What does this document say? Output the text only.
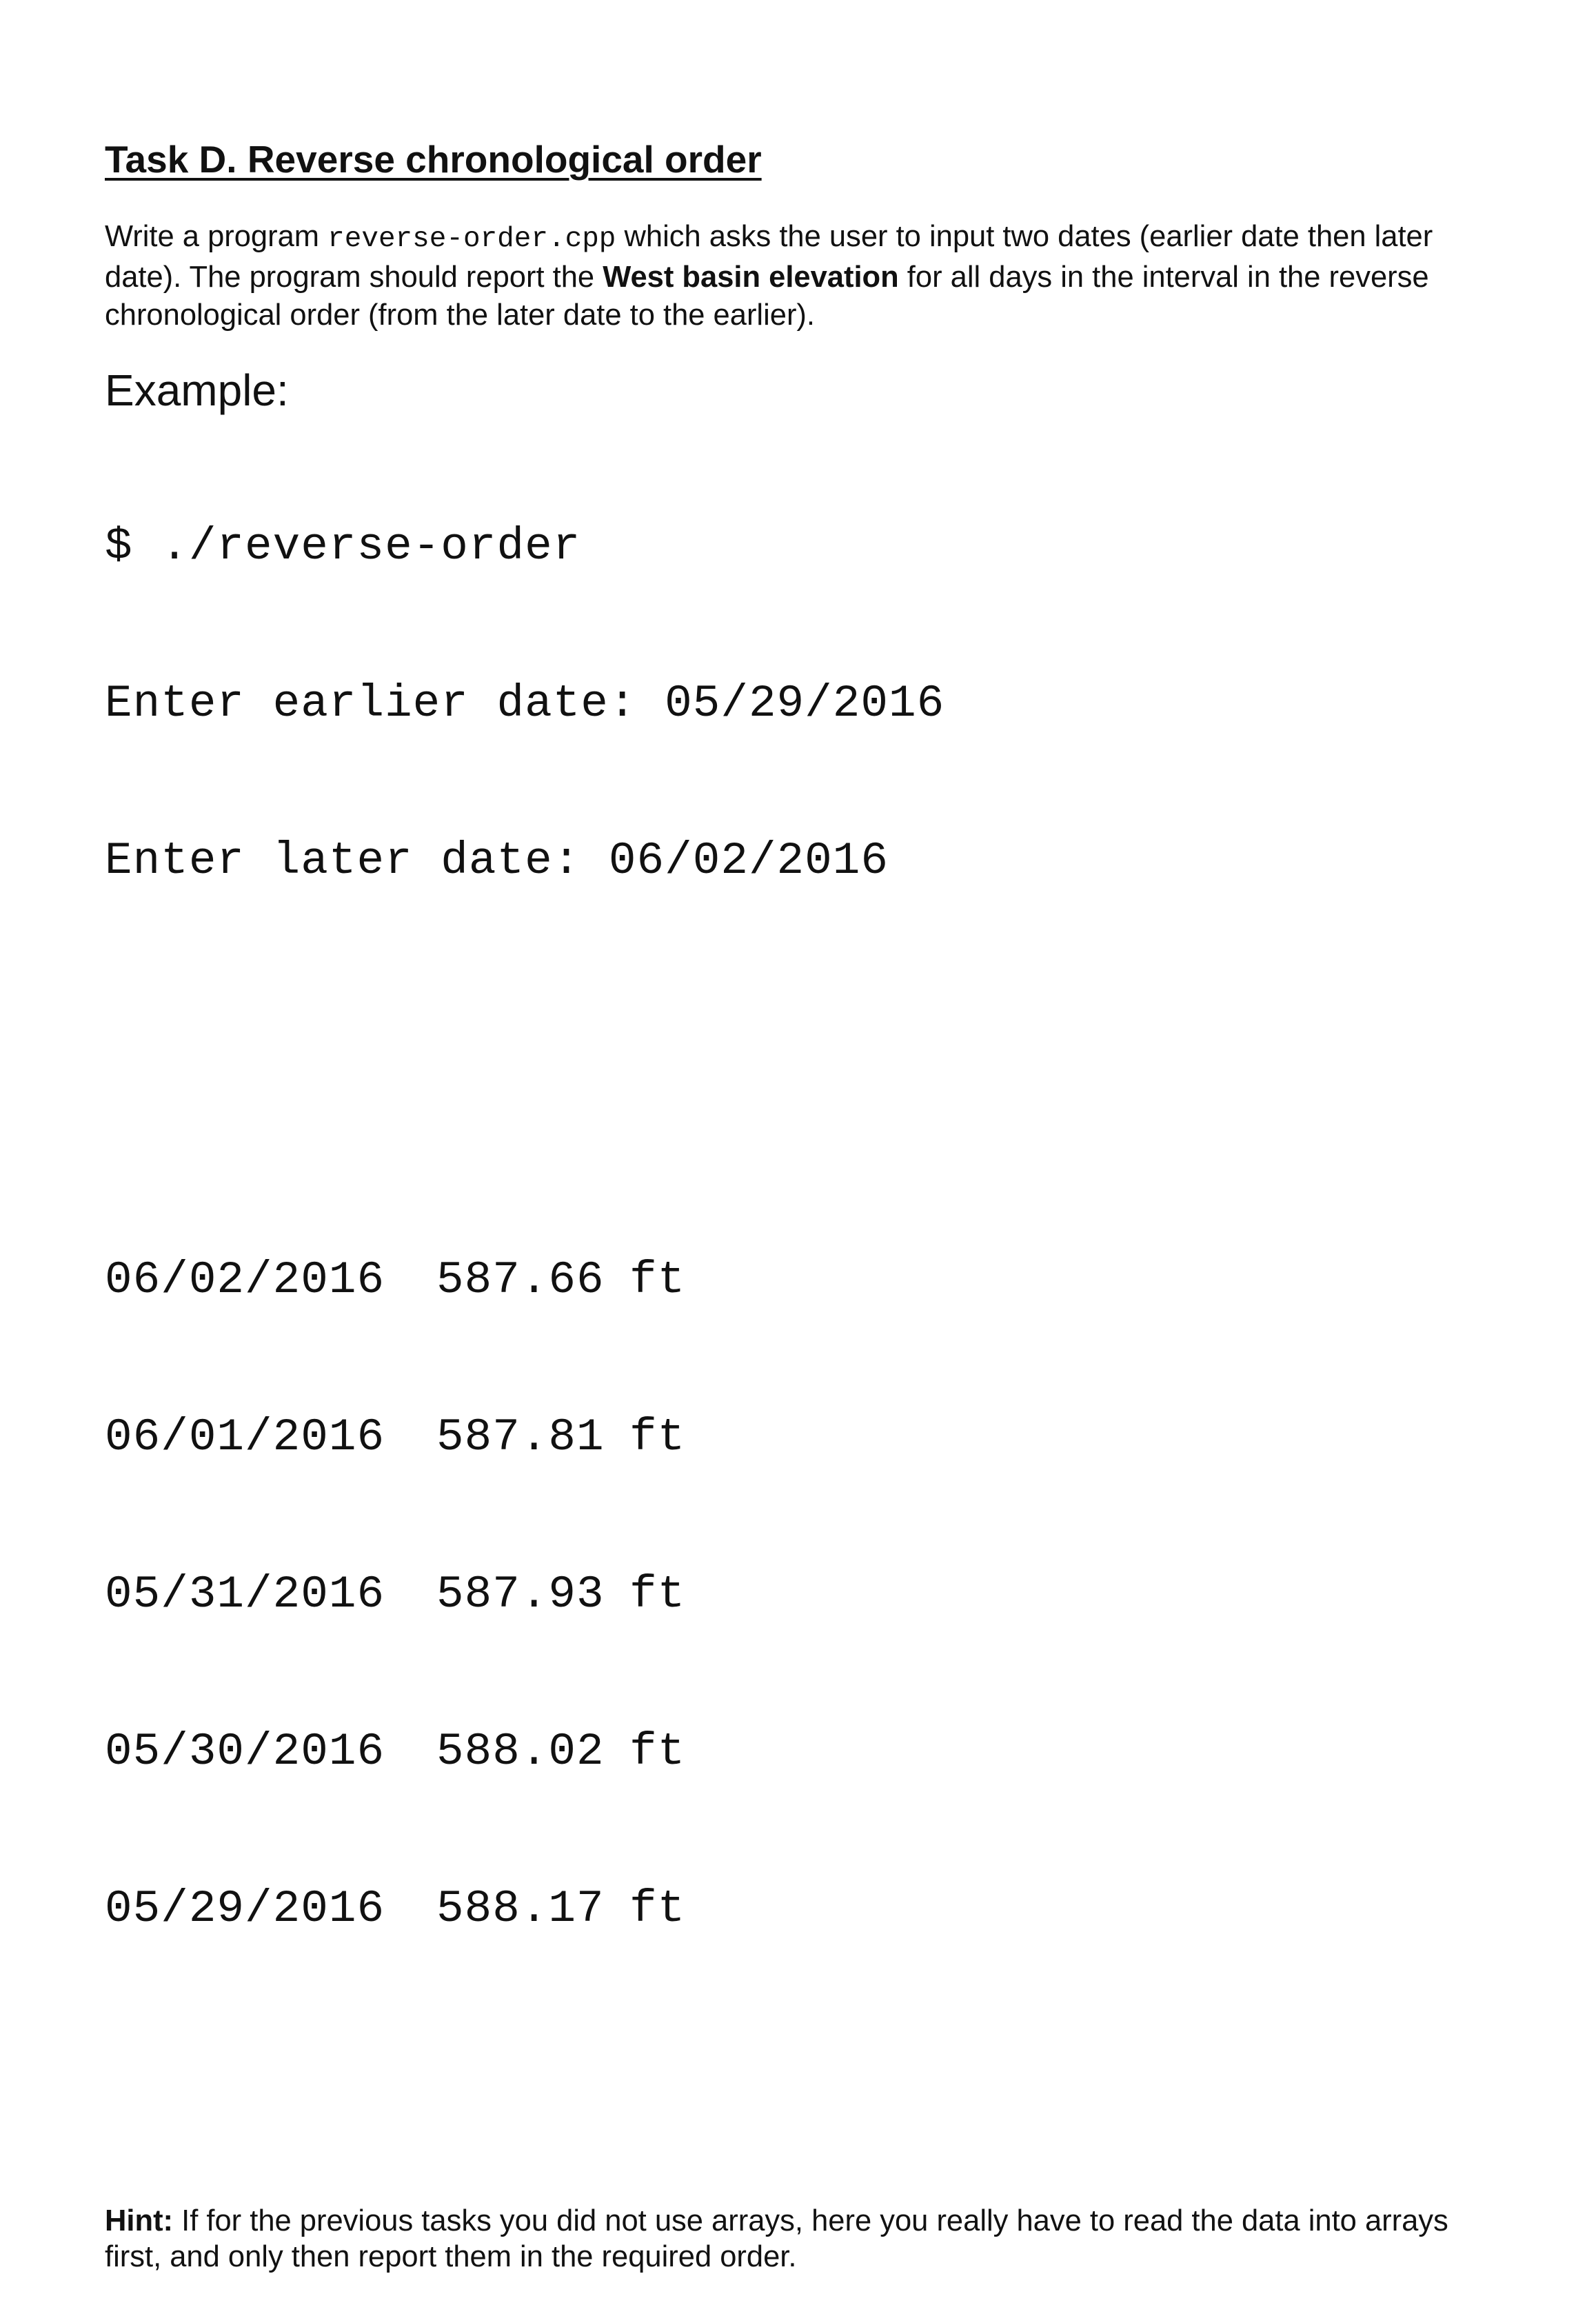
Task D. Reverse chronological order

Write a program reverse-order.cpp which asks the user to input two dates (earlier date then later date). The program should report the West basin elevation for all days in the interval in the reverse chronological order (from the later date to the earlier).

Example:

$ ./reverse-order

Enter earlier date: 05/29/2016

Enter later date: 06/02/2016

06/02/2016 587.66 ft

06/01/2016 587.81 ft

05/31/2016 587.93 ft

05/30/2016 588.02 ft

05/29/2016 588.17 ft

Hint: If for the previous tasks you did not use arrays, here you really have to read the data into arrays first, and only then report them in the required order.
